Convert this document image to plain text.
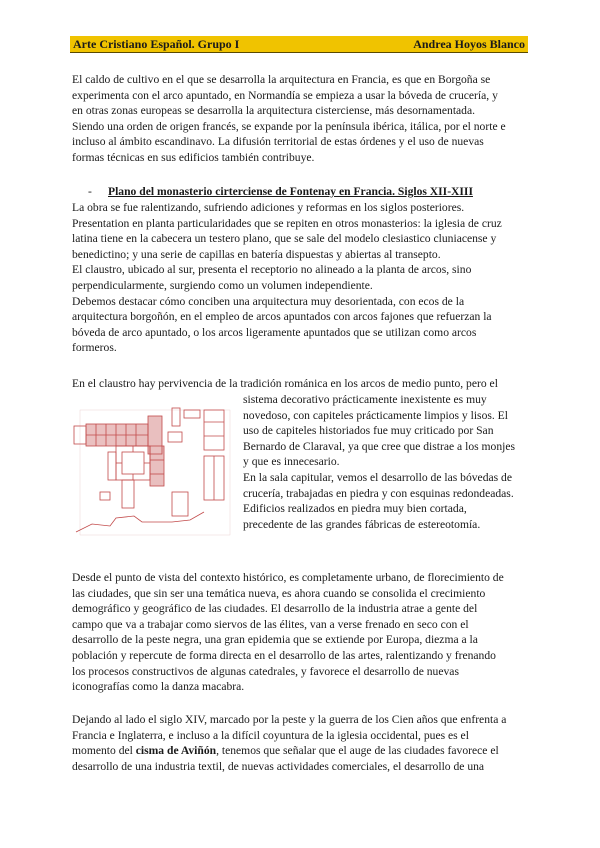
Arte Cristiano Español. Grupo I	Andrea Hoyos Blanco
El caldo de cultivo en el que se desarrolla la arquitectura en Francia, es que en Borgoña se
experimenta con el arco apuntado, en Normandía se empieza a usar la bóveda de crucería, y
en otras zonas europeas se desarrolla la arquitectura cisterciense, más desornamentada.
Siendo una orden de origen francés, se expande por la península ibérica, itálica, por el norte e
incluso al ámbito escandinavo. La difusión territorial de estas órdenes y el uso de nuevas
formas técnicas en sus edificios también contribuye.
- Plano del monasterio cirterciense de Fontenay en Francia. Siglos XII-XIII
La obra se fue ralentizando, sufriendo adiciones y reformas en los siglos posteriores.
Presentation en planta particularidades que se repiten en otros monasterios: la iglesia de cruz
latina tiene en la cabecera un testero plano, que se sale del modelo clesiastico cluniacense y
benedictino; y una serie de capillas en batería dispuestas y abiertas al transepto.
El claustro, ubicado al sur, presenta el receptorio no alineado a la planta de arcos, sino
perpendicularmente, surgiendo como un volumen independiente.
Debemos destacar cómo conciben una arquitectura muy desorientada, con ecos de la
arquitectura borgoñón, en el empleo de arcos apuntados con arcos fajones que refuerzan la
bóveda de arco apuntado, o los arcos ligeramente apuntados que se utilizan como arcos
formeros.
En el claustro hay pervivencia de la tradición románica en los arcos de medio punto, pero el
sistema decorativo prácticamente inexistente es muy
novedoso, con capiteles prácticamente limpios y lisos. El
uso de capiteles historiados fue muy criticado por San
Bernardo de Claraval, ya que cree que distrae a los monjes
y que es innecesario.
En la sala capitular, vemos el desarrollo de las bóvedas de
crucería, trabajadas en piedra y con esquinas redondeadas.
Edificios realizados en piedra muy bien cortada,
precedente de las grandes fábricas de estereotomía.
Desde el punto de vista del contexto histórico, es completamente urbano, de florecimiento de
las ciudades, que sin ser una temática nueva, es ahora cuando se consolida el crecimiento
demográfico y geográfico de las ciudades. El desarrollo de la industria atrae a gente del
campo que va a trabajar como siervos de las élites, van a verse frenado en seco con el
desarrollo de la peste negra, una gran epidemia que se extiende por Europa, diezma a la
población y repercute de forma directa en el desarrollo de las artes, ralentizando y frenando
los procesos constructivos de algunas catedrales, y favorece el desarrollo de nuevas
iconografías como la danza macabra.
Dejando al lado el siglo XIV, marcado por la peste y la guerra de los Cien años que enfrenta a
Francia e Inglaterra, e incluso a la difícil coyuntura de la iglesia occidental, pues es el
momento del cisma de Aviñón, tenemos que señalar que el auge de las ciudades favorece el
desarrollo de una industria textil, de nuevas actividades comerciales, el desarrollo de una
